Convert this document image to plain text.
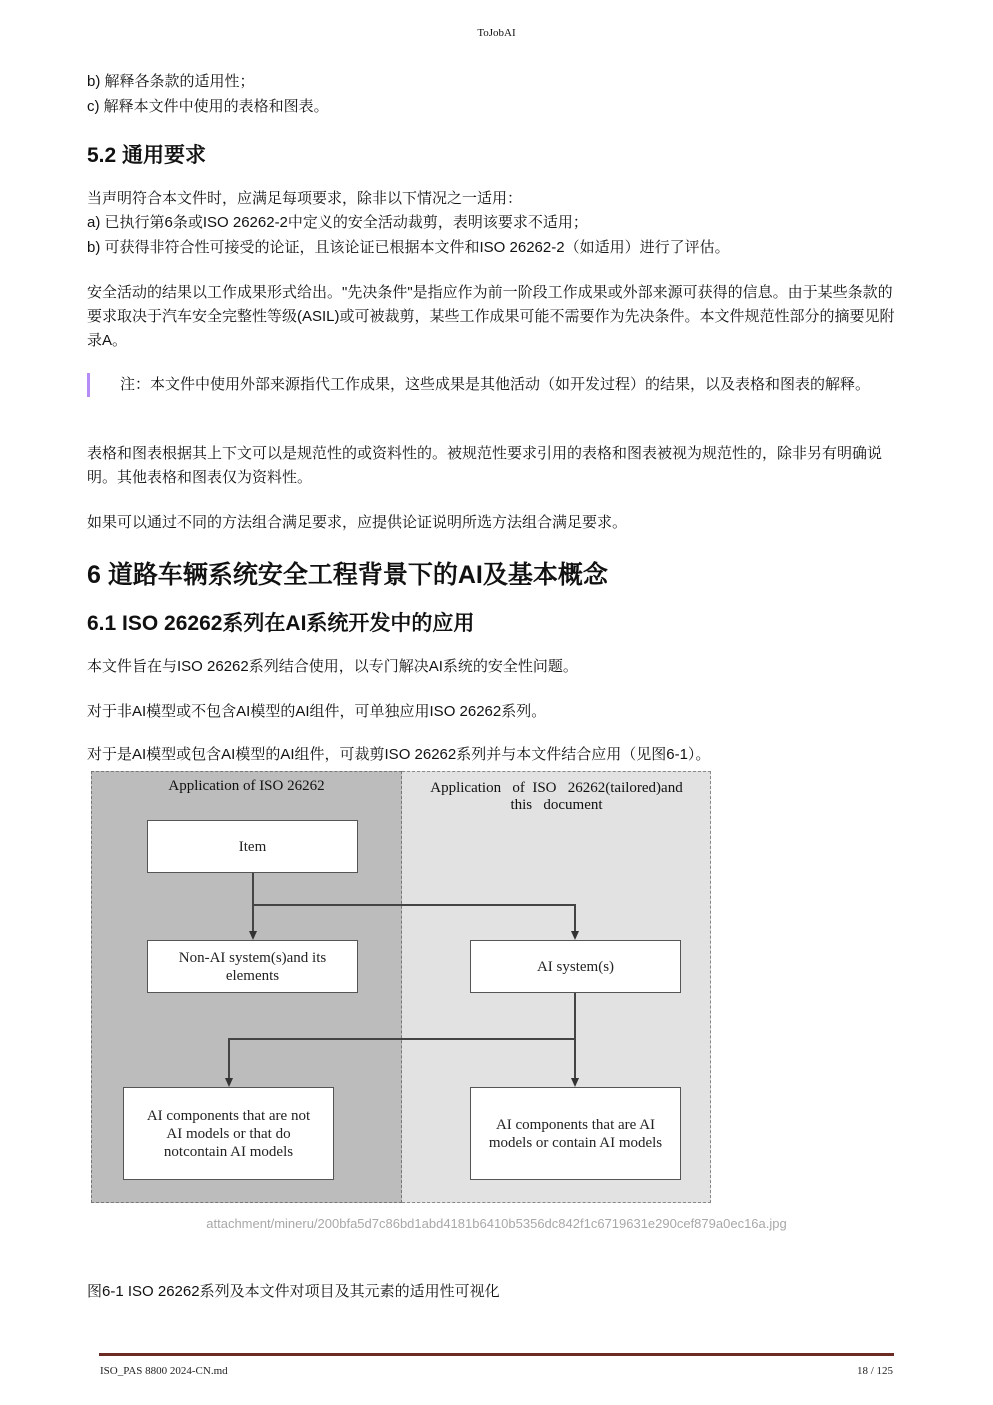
ToJobAI
b) 解释各条款的适用性；
c) 解释本文件中使用的表格和图表。
5.2 通用要求
当声明符合本文件时，应满足每项要求，除非以下情况之一适用：
a) 已执行第6条或ISO 26262-2中定义的安全活动裁剪，表明该要求不适用；
b) 可获得非符合性可接受的论证，且该论证已根据本文件和ISO 26262-2（如适用）进行了评估。
安全活动的结果以工作成果形式给出。"先决条件"是指应作为前一阶段工作成果或外部来源可获得的信息。由于某些条款的要求取决于汽车安全完整性等级(ASIL)或可被裁剪，某些工作成果可能不需要作为先决条件。本文件规范性部分的摘要见附录A。
注：本文件中使用外部来源指代工作成果，这些成果是其他活动（如开发过程）的结果，以及表格和图表的解释。
表格和图表根据其上下文可以是规范性的或资料性的。被规范性要求引用的表格和图表被视为规范性的，除非另有明确说明。其他表格和图表仅为资料性。
如果可以通过不同的方法组合满足要求，应提供论证说明所选方法组合满足要求。
6 道路车辆系统安全工程背景下的AI及基本概念
6.1 ISO 26262系列在AI系统开发中的应用
本文件旨在与ISO 26262系列结合使用，以专门解决AI系统的安全性问题。
对于非AI模型或不包含AI模型的AI组件，可单独应用ISO 26262系列。
对于是AI模型或包含AI模型的AI组件，可裁剪ISO 26262系列并与本文件结合应用（见图6-1）。
Application of ISO 26262	Application   of  ISO   26262(tailored)and
this   document
Item
Non-AI system(s)and its elements
AI system(s)
AI components that are not AI models or that do notcontain AI models
AI components that are AI models or contain AI models
attachment/mineru/200bfa5d7c86bd1abd4181b6410b5356dc842f1c6719631e290cef879a0ec16a.jpg
图6-1 ISO 26262系列及本文件对项目及其元素的适用性可视化
ISO_PAS 8800 2024-CN.md	18 / 125
